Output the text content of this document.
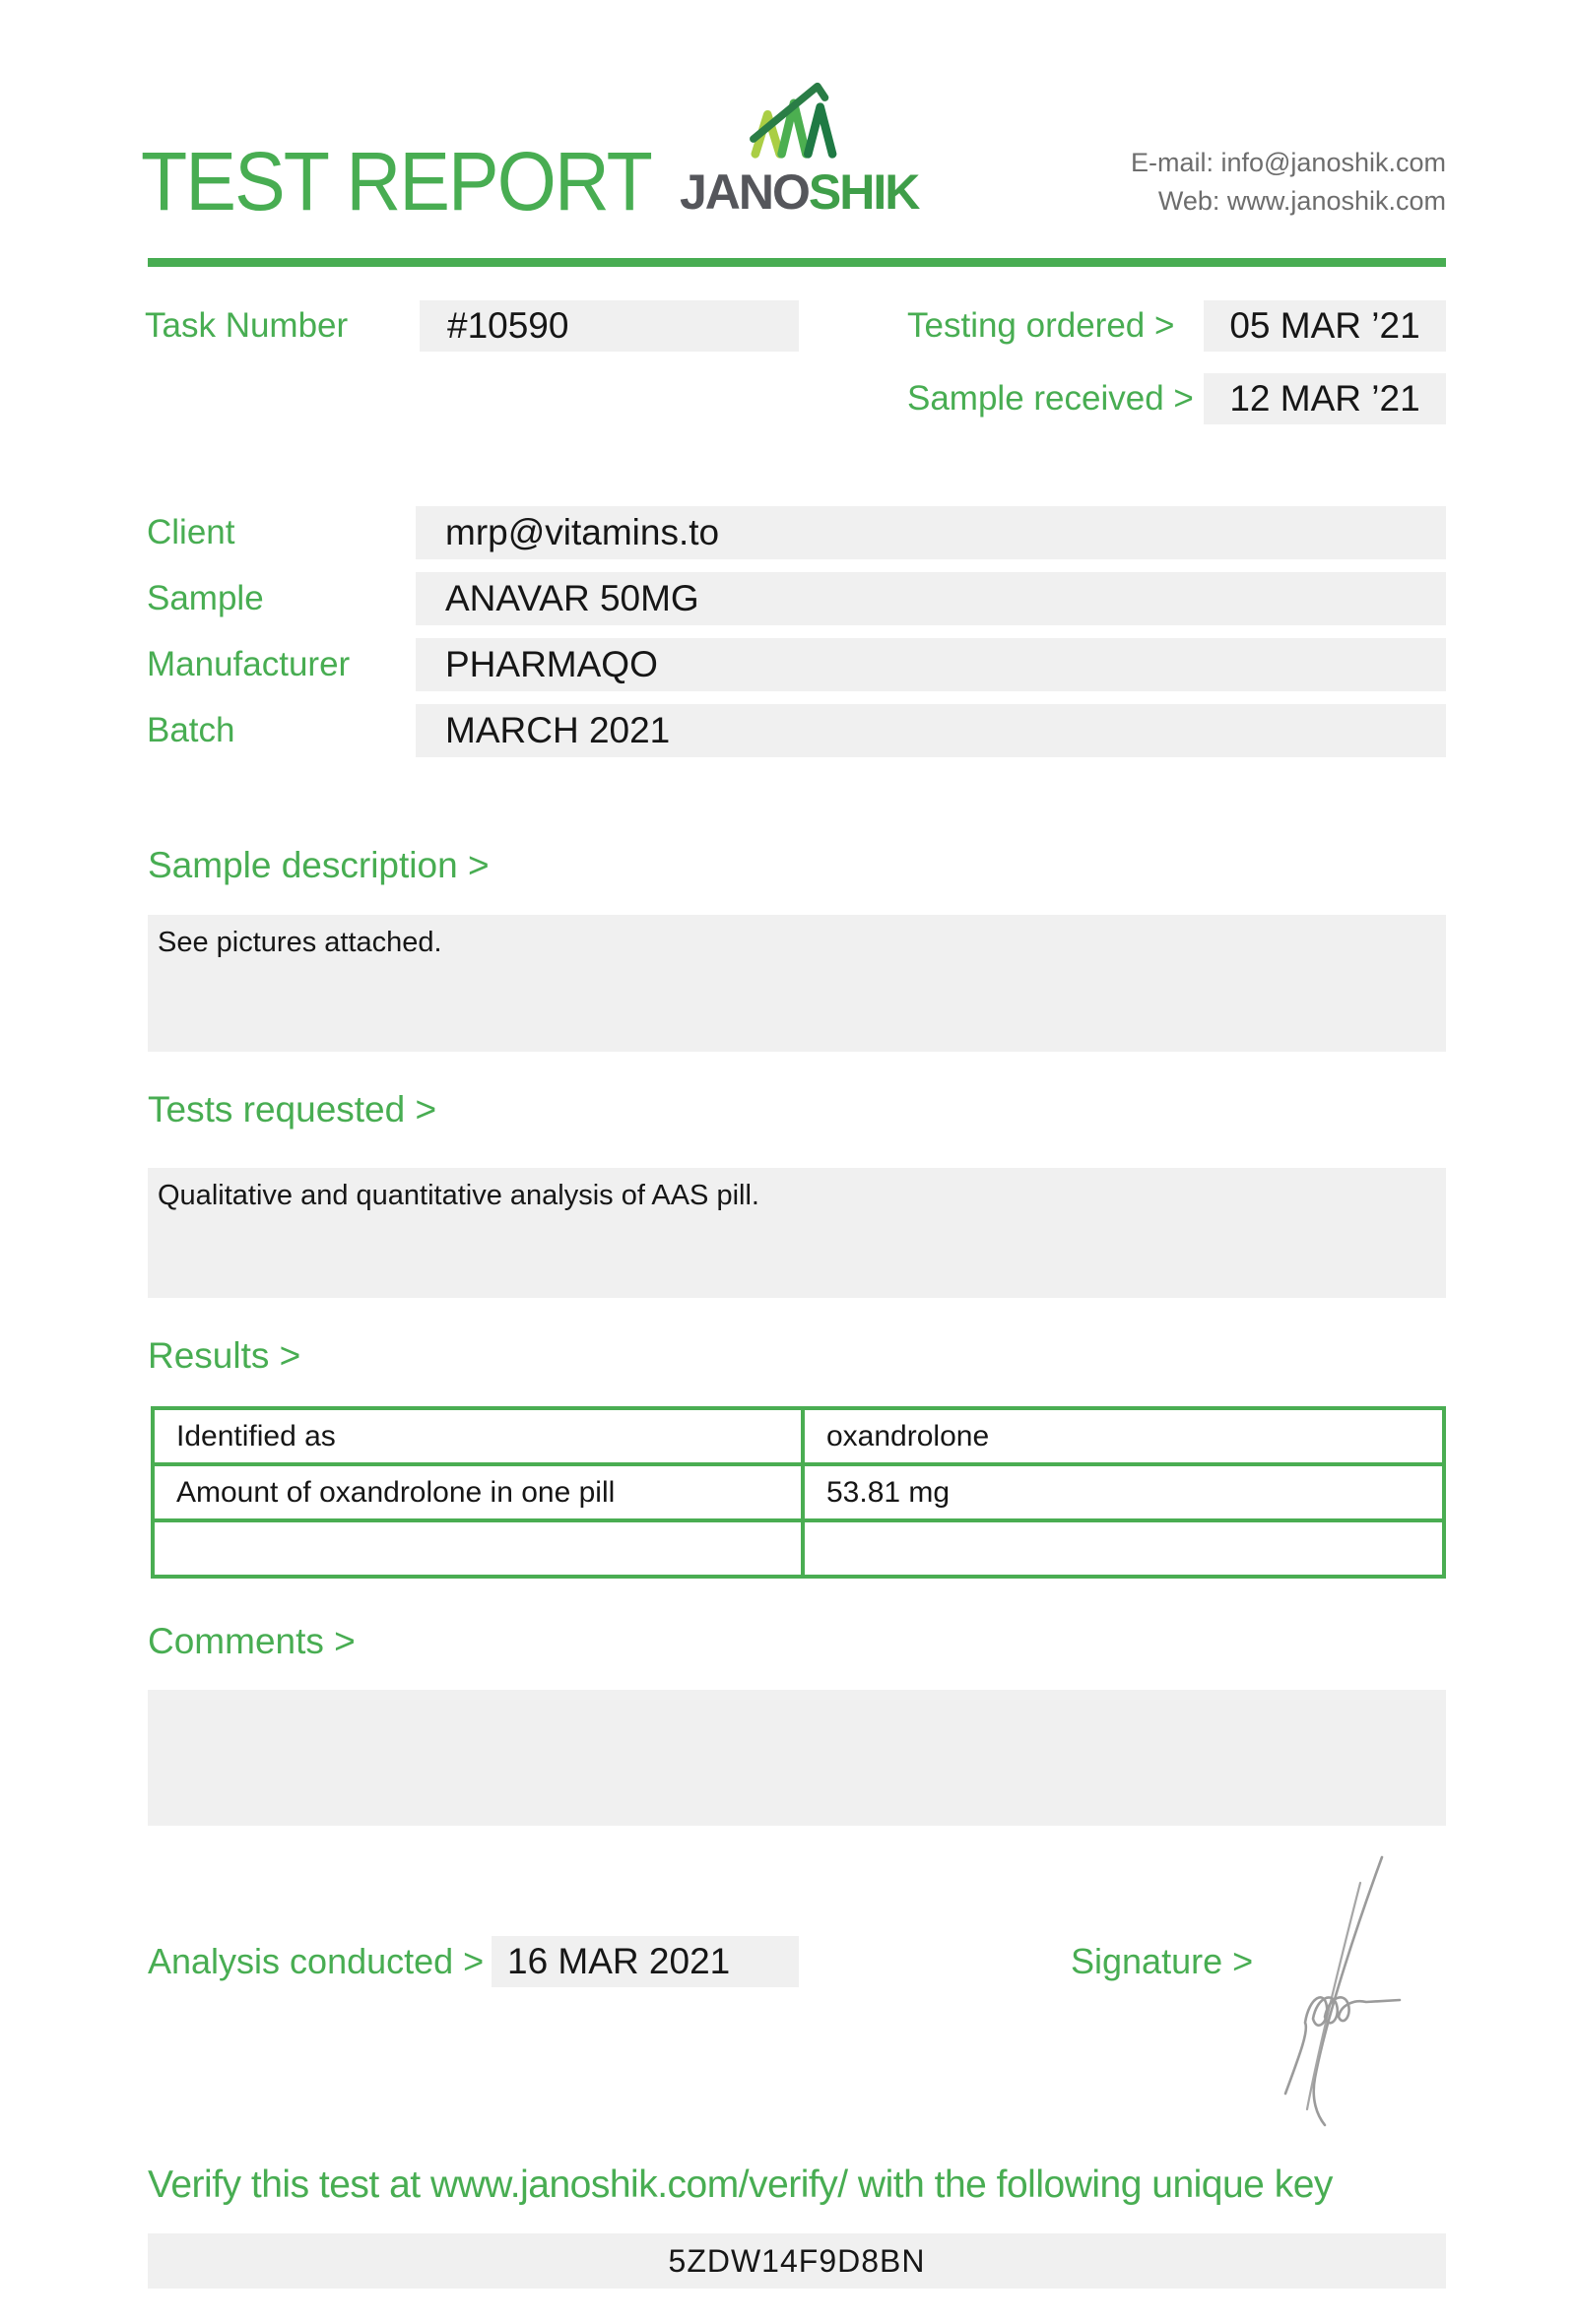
TEST REPORT JANOSHIK
E-mail: info@janoshik.com
Web: www.janoshik.com
Task Number	#10590	Testing ordered >	05 MAR ’21
Sample received > 12 MAR ’21
Client	mrp@vitamins.to
Sample	ANAVAR 50MG
Manufacturer	PHARMAQO
Batch	MARCH 2021
Sample description >
See pictures attached.
Tests requested >
Qualitative and quantitative analysis of AAS pill.
Results >
Identified as	oxandrolone
Amount of oxandrolone in one pill	53.81 mg
Comments >
Analysis conducted > 16 MAR 2021	Signature >
Verify this test at www.janoshik.com/verify/ with the following unique key
5ZDW14F9D8BN
